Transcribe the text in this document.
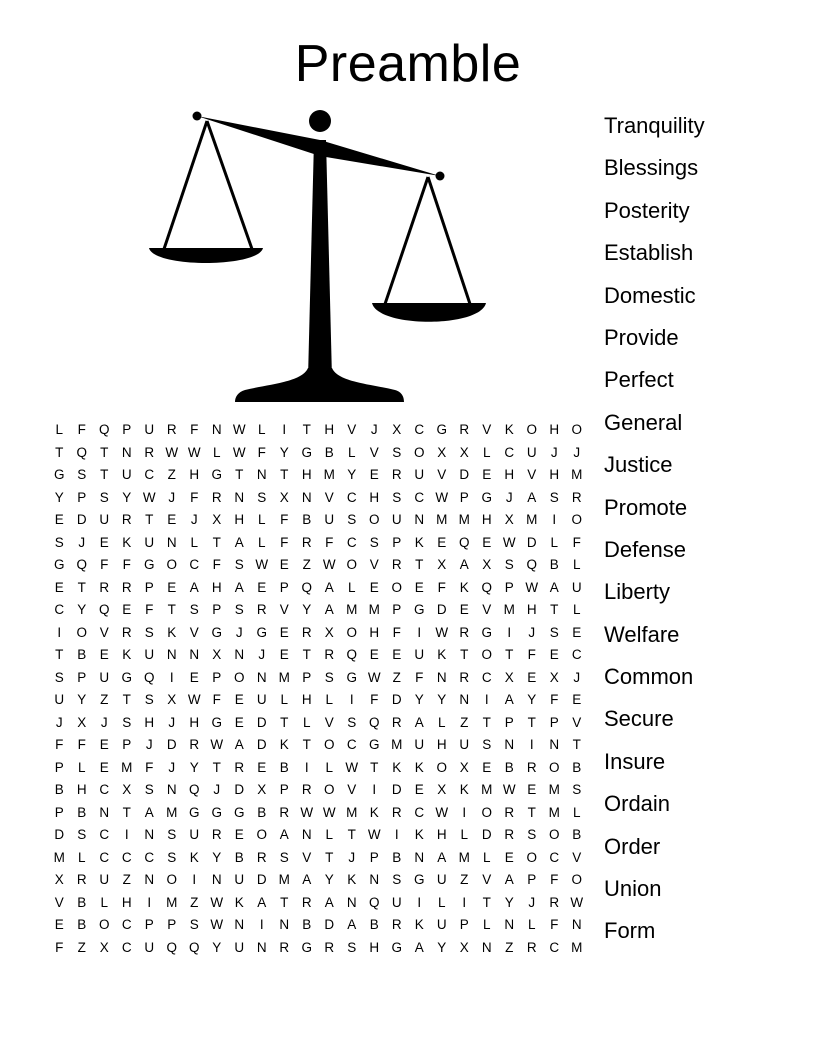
Preamble
L	F Q P U R	F	N W L	I	T	H V	J	X C G R V K O H O
T Q T	N R W W L W F	Y G B	L	V S O X X	L	C U	J	J
G S	T	U C	Z	H G T	N	T	H M Y E R U V D E H V H M
Y P S Y W J	F	R N S X N V C H S C W P G	J	A S R
E D U R	T	E	J	X H	L	F	B U S O U N M M H X M	I	O
S	J	E K U N	L	T	A	L	F	R	F	C S P K E Q E W D	L	F
G Q F	F G O C	F	S W E	Z W O V R	T	X A X S Q B	L
E	T	R R P E A H A E P Q A	L	E O E	F	K Q P W A U
C Y Q E	F	T	S P S R V Y A M M P G D E V M H	T	L
I	O V R S K V G	J	G E R X O H	F	I	W R G	I	J	S E
T	B E K U N N X N	J	E	T	R Q E E U K	T O T	F	E C
S P U G Q	I	E P O N M P S G W Z	F	N R C X E X	J
U Y	Z	T	S X W F	E U	L	H	L	I	F	D Y Y N	I	A Y	F	E
J	X	J	S H	J	H G E D	T	L	V S Q R A	L	Z	T	P	T	P V
F	F	E P	J	D R W A D K	T O C G M U H U S N	I	N	T
P	L	E M F	J	Y	T	R E B	I	L W T	K K O X E B R O B
B H C X S N Q	J	D X P R O V	I	D E X K M W E M S
P B N	T	A M G G G B R W W M K R C W	I	O R	T M L
D S C	I	N S U R E O A N	L	T W	I	K H	L	D R S O B
M L	C C C S K Y B R S V	T	J	P B N A M L	E O C V
X R U	Z	N O	I	N U D M A Y K N S G U	Z	V A P	F O
V B	L	H	I	M Z W K A	T	R A N Q U	I	L	I	T	Y	J	R W
E B O C P P S W N	I	N B D A B R K U P	L	N	L	F	N
F	Z	X C U Q Q Y U N R G R S H G A Y X N	Z	R C M
Tranquility
Blessings
Posterity
Establish
Domestic
Provide
Perfect
General
Justice
Promote
Defense
Liberty
Welfare
Common
Secure
Insure
Ordain
Order
Union
Form
